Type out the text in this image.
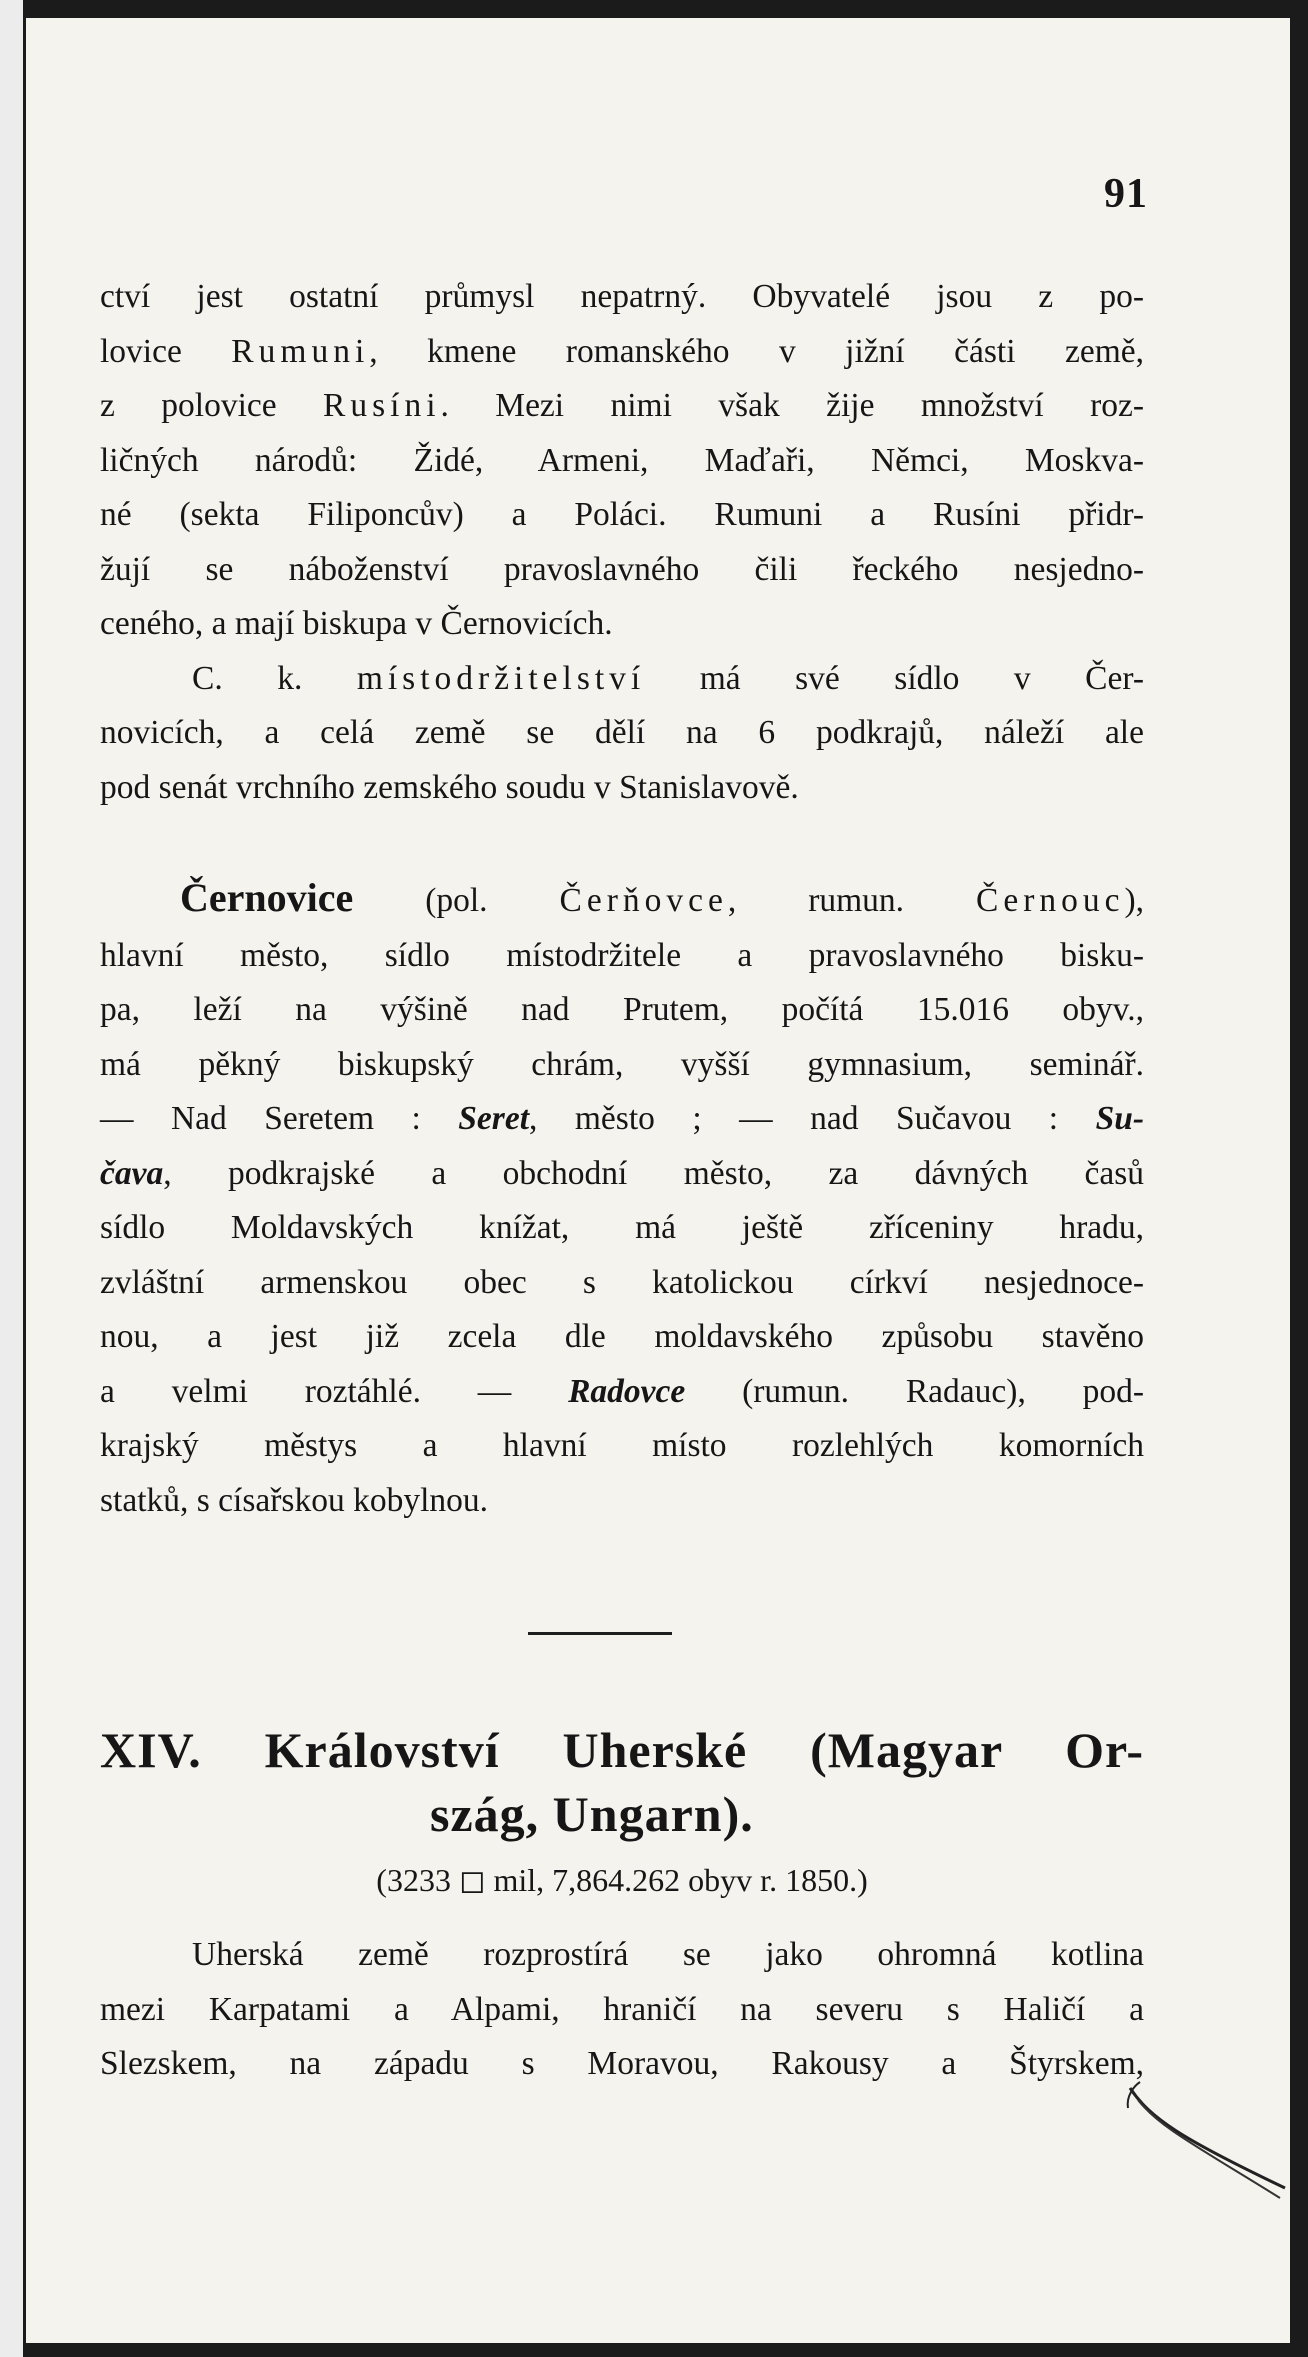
91
ctví jest ostatní průmysl nepatrný. Obyvatelé jsou z po-
lovice Rumuni, kmene romanského v jižní části země,
z polovice Rusíni. Mezi nimi však žije množství roz-
ličných národů: Židé, Armeni, Maďaři, Němci, Moskva-
né (sekta Filiponcův) a Poláci. Rumuni a Rusíni přidr-
žují se náboženství pravoslavného čili řeckého nesjedno-
ceného, a mají biskupa v Černovicích.
C. k. místodržitelství má své sídlo v Čer-
novicích, a celá země se dělí na 6 podkrajů, náleží ale
pod senát vrchního zemského soudu v Stanislavově.
Černovice (pol. Čerňovce, rumun. Černouc),
hlavní město, sídlo místodržitele a pravoslavného bisku-
pa, leží na výšině nad Prutem, počítá 15.016 obyv.,
má pěkný biskupský chrám, vyšší gymnasium, seminář.
— Nad Seretem : Seret, město ; — nad Sučavou : Su-
čava, podkrajské a obchodní město, za dávných časů
sídlo Moldavských knížat, má ještě zříceniny hradu,
zvláštní armenskou obec s katolickou církví nesjednoce-
nou, a jest již zcela dle moldavského způsobu stavěno
a velmi roztáhlé. — Radovce (rumun. Radauc), pod-
krajský městys a hlavní místo rozlehlých komorních
statků, s císařskou kobylnou.
XIV. Království Uherské (Magyar Or-
szág, Ungarn).
(3233 ◻ mil, 7,864.262 obyv r. 1850.)
Uherská země rozprostírá se jako ohromná kotlina
mezi Karpatami a Alpami, hraničí na severu s Haličí a
Slezskem, na západu s Moravou, Rakousy a Štyrskem,
